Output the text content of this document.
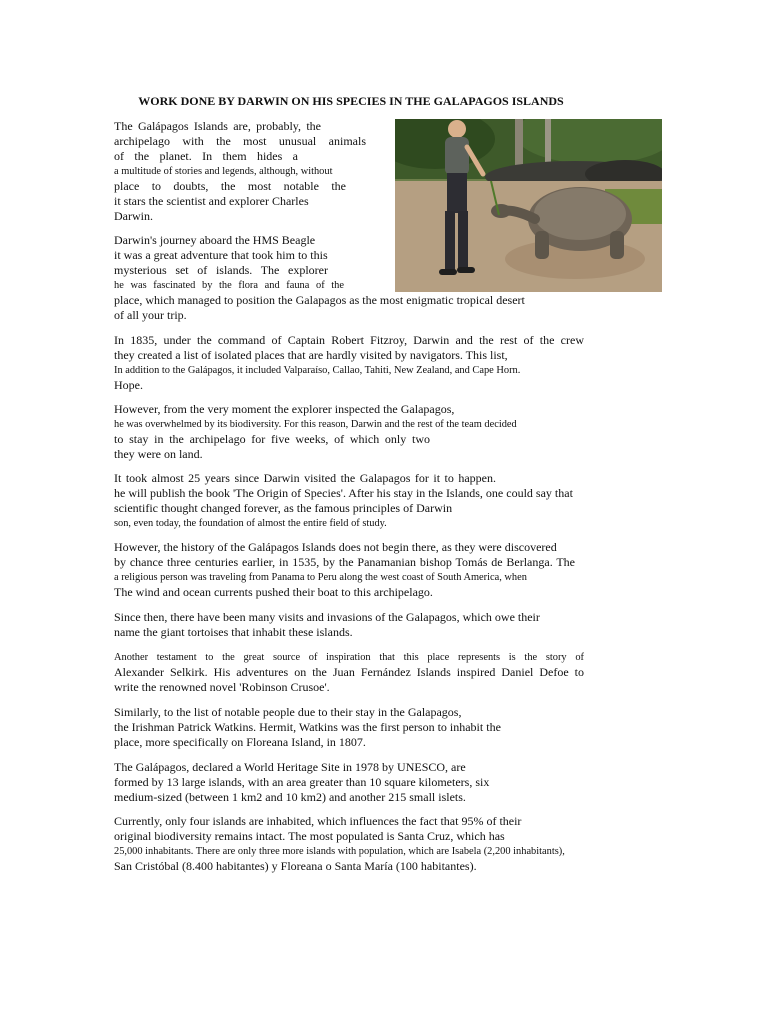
WORK DONE BY DARWIN ON HIS SPECIES IN THE GALAPAGOS ISLANDS
The Galápagos Islands are, probably, the
archipelago with the most unusual animals
of the planet. In them hides a
a multitude of stories and legends, although, without
place to doubts, the most notable the
it stars the scientist and explorer Charles
Darwin.
Darwin's journey aboard the HMS Beagle
it was a great adventure that took him to this
mysterious set of islands. The explorer
he was fascinated by the flora and fauna of the
place, which managed to position the Galapagos as the most enigmatic tropical desert
of all your trip.
In 1835, under the command of Captain Robert Fitzroy, Darwin and the rest of the crew
they created a list of isolated places that are hardly visited by navigators. This list,
In addition to the Galápagos, it included Valparaíso, Callao, Tahiti, New Zealand, and Cape Horn.
Hope.
However, from the very moment the explorer inspected the Galapagos,
he was overwhelmed by its biodiversity. For this reason, Darwin and the rest of the team decided
to stay in the archipelago for five weeks, of which only two
they were on land.
It took almost 25 years since Darwin visited the Galapagos for it to happen.
he will publish the book 'The Origin of Species'. After his stay in the Islands, one could say that
scientific thought changed forever, as the famous principles of Darwin
son, even today, the foundation of almost the entire field of study.
However, the history of the Galápagos Islands does not begin there, as they were discovered
by chance three centuries earlier, in 1535, by the Panamanian bishop Tomás de Berlanga. The
a religious person was traveling from Panama to Peru along the west coast of South America, when
The wind and ocean currents pushed their boat to this archipelago.
Since then, there have been many visits and invasions of the Galapagos, which owe their
name the giant tortoises that inhabit these islands.
Another testament to the great source of inspiration that this place represents is the story of
Alexander Selkirk. His adventures on the Juan Fernández Islands inspired Daniel Defoe to
write the renowned novel 'Robinson Crusoe'.
Similarly, to the list of notable people due to their stay in the Galapagos,
the Irishman Patrick Watkins. Hermit, Watkins was the first person to inhabit the
place, more specifically on Floreana Island, in 1807.
The Galápagos, declared a World Heritage Site in 1978 by UNESCO, are
formed by 13 large islands, with an area greater than 10 square kilometers, six
medium-sized (between 1 km2 and 10 km2) and another 215 small islets.
Currently, only four islands are inhabited, which influences the fact that 95% of their
original biodiversity remains intact. The most populated is Santa Cruz, which has
25,000 inhabitants. There are only three more islands with population, which are Isabela (2,200 inhabitants),
San Cristóbal (8.400 habitantes) y Floreana o Santa María (100 habitantes).
